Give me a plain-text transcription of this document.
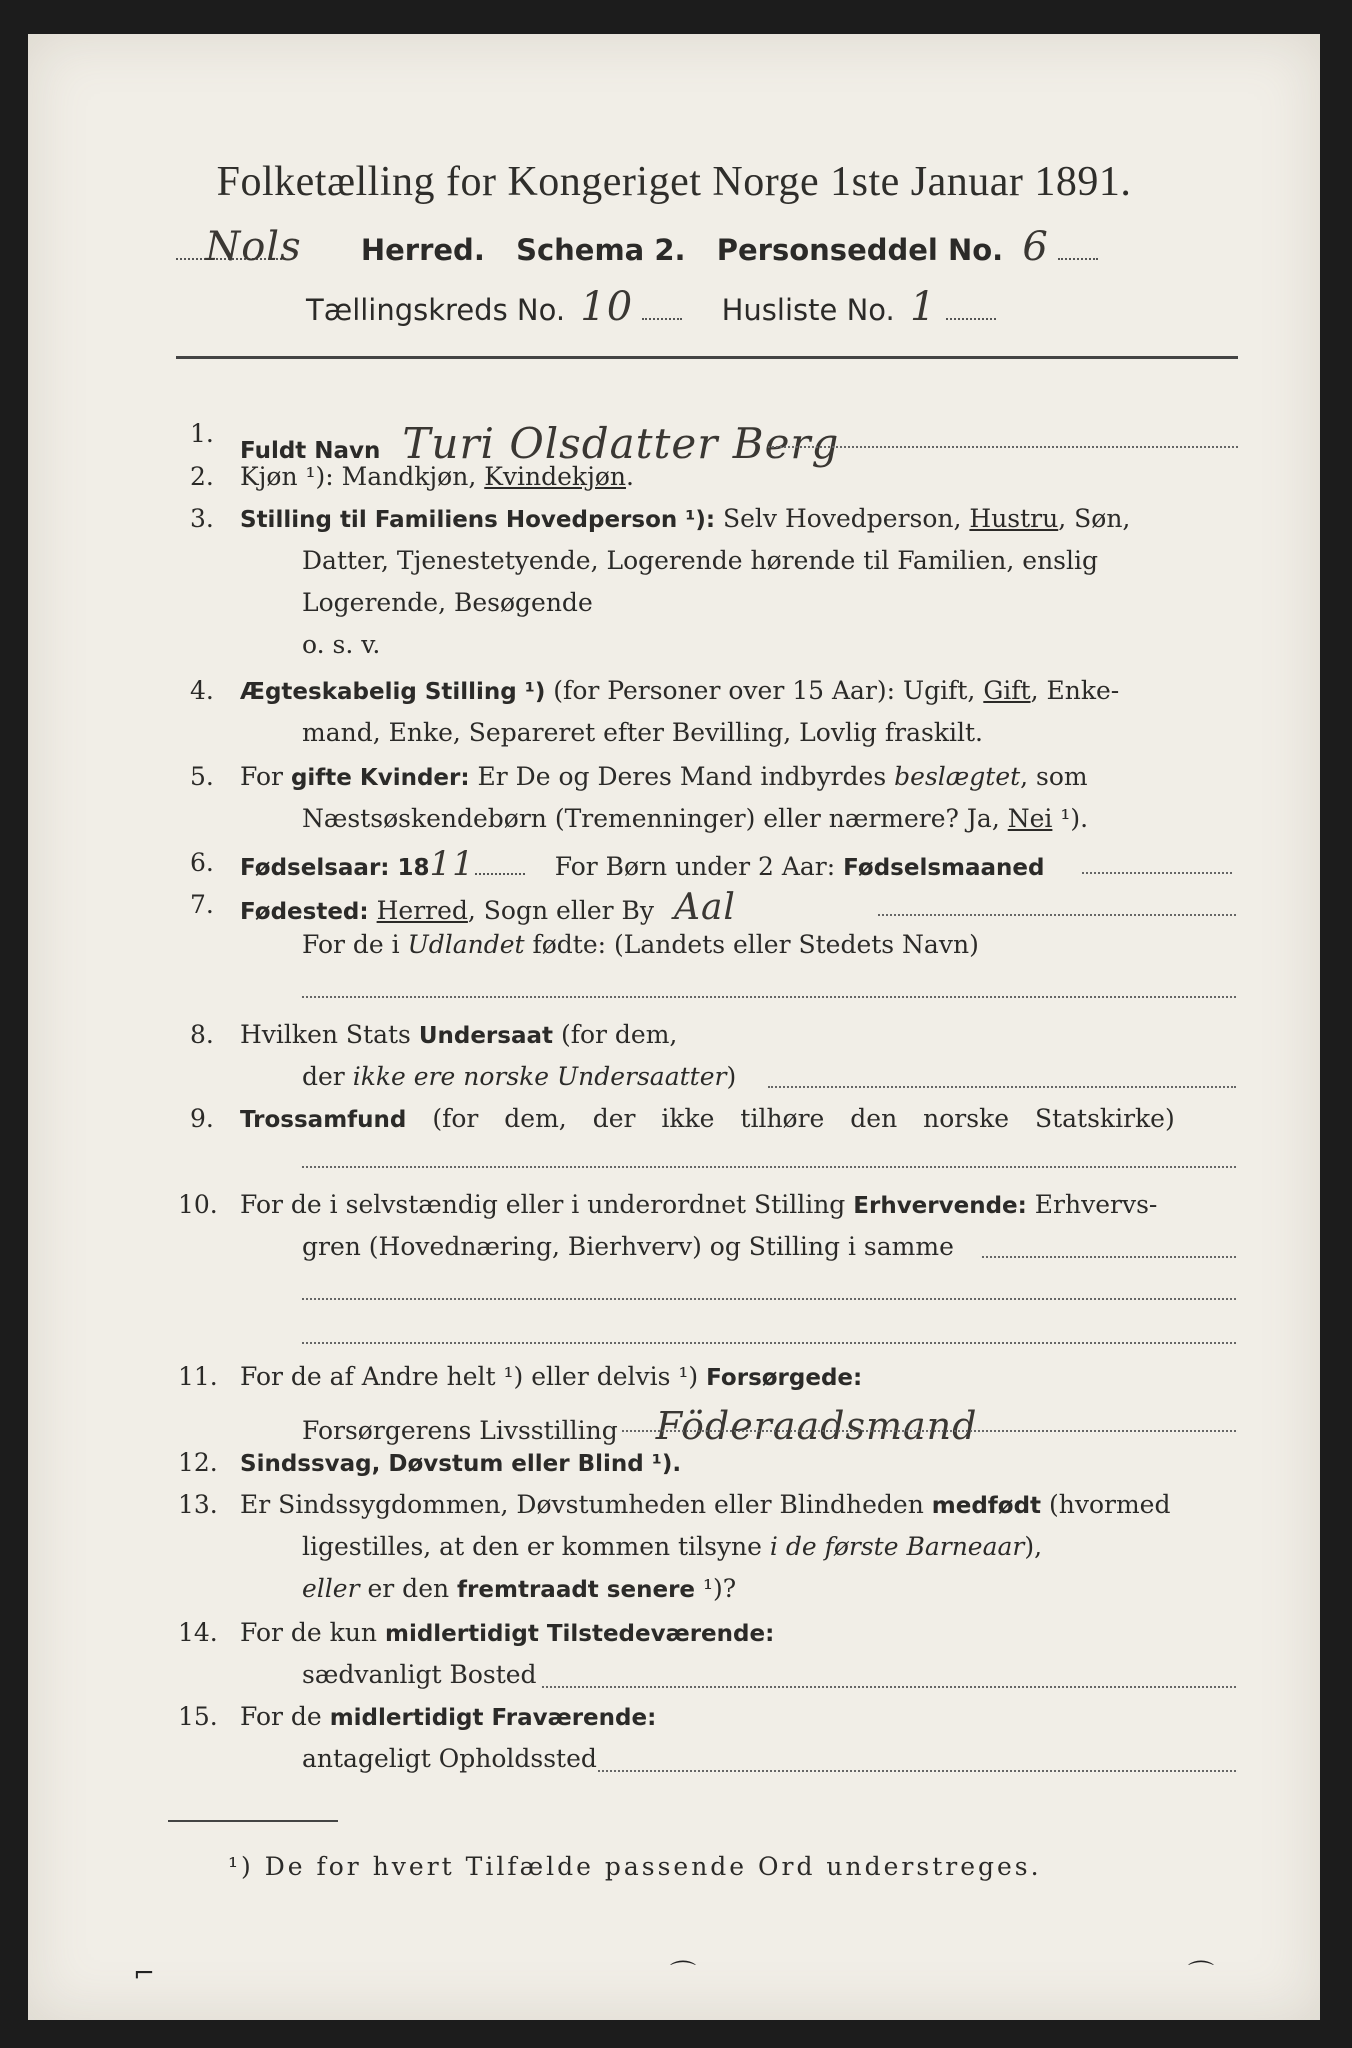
Folketælling for Kongeriget Norge 1ste Januar 1891.
Nols Herred. Schema 2. Personseddel No. 6
Tællingskreds No. 10	Husliste No. 1
1.
Fuldt Navn Turi Olsdatter Berg
2. Kjøn ¹): Mandkjøn, Kvindekjøn.
3. Stilling til Familiens Hovedperson ¹): Selv Hovedperson, Hustru, Søn,
Datter, Tjenestetyende, Logerende hørende til Familien, enslig
Logerende, Besøgende
o. s. v.
4. Ægteskabelig Stilling ¹) (for Personer over 15 Aar): Ugift, Gift, Enke-
mand, Enke, Separeret efter Bevilling, Lovlig fraskilt.
5. For gifte Kvinder: Er De og Deres Mand indbyrdes beslægtet, som
Næstsøskendebørn (Tremenninger) eller nærmere? Ja, Nei ¹).
6. Fødselsaar: 1811	For Børn under 2 Aar: Fødselsmaaned
7. Fødested: Herred, Sogn eller By Aal
For de i Udlandet fødte: (Landets eller Stedets Navn)
8. Hvilken Stats Undersaat (for dem,
der ikke ere norske Undersaatter)
9. Trossamfund (for dem, der ikke tilhøre den norske Statskirke)
10. For de i selvstændig eller i underordnet Stilling Erhvervende: Erhvervs-
gren (Hovednæring, Bierhverv) og Stilling i samme
11. For de af Andre helt ¹) eller delvis ¹) Forsørgede:
Forsørgerens Livsstilling Föderaadsmand
12. Sindssvag, Døvstum eller Blind ¹).
13. Er Sindssygdommen, Døvstumheden eller Blindheden medfødt (hvormed
ligestilles, at den er kommen tilsyne i de første Barneaar),
eller er den fremtraadt senere ¹)?
14. For de kun midlertidigt Tilstedeværende:
sædvanligt Bosted
15. For de midlertidigt Fraværende:
antageligt Opholdssted
¹) De for hvert Tilfælde passende Ord understreges.
⌐	⌒	⌒
